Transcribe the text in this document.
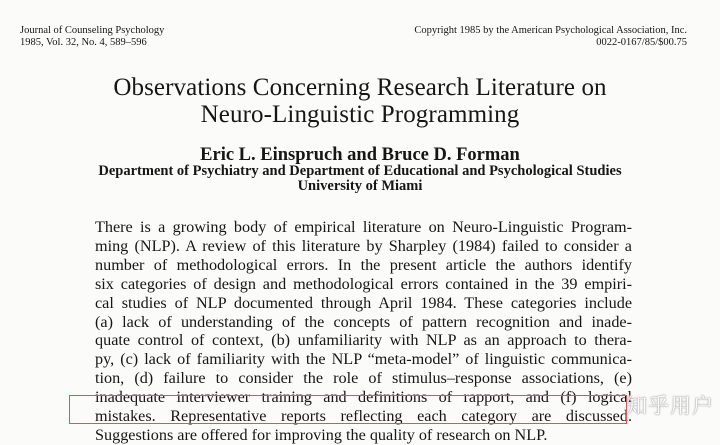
Journal of Counseling Psychology
1985, Vol. 32, No. 4, 589–596
Copyright 1985 by the American Psychological Association, Inc.
0022-0167/85/$00.75
Observations Concerning Research Literature on
Neuro-Linguistic Programming
Eric L. Einspruch and Bruce D. Forman
Department of Psychiatry and Department of Educational and Psychological Studies
University of Miami
There is a growing body of empirical literature on Neuro-Linguistic Program-
ming (NLP). A review of this literature by Sharpley (1984) failed to consider a
number of methodological errors. In the present article the authors identify
six categories of design and methodological errors contained in the 39 empiri-
cal studies of NLP documented through April 1984. These categories include
(a) lack of understanding of the concepts of pattern recognition and inade-
quate control of context, (b) unfamiliarity with NLP as an approach to thera-
py, (c) lack of familiarity with the NLP “meta-model” of linguistic communica-
tion, (d) failure to consider the role of stimulus–response associations, (e)
inadequate interviewer training and definitions of rapport, and (f) logical
mistakes. Representative reports reflecting each category are discussed.
Suggestions are offered for improving the quality of research on NLP.
知乎用户
